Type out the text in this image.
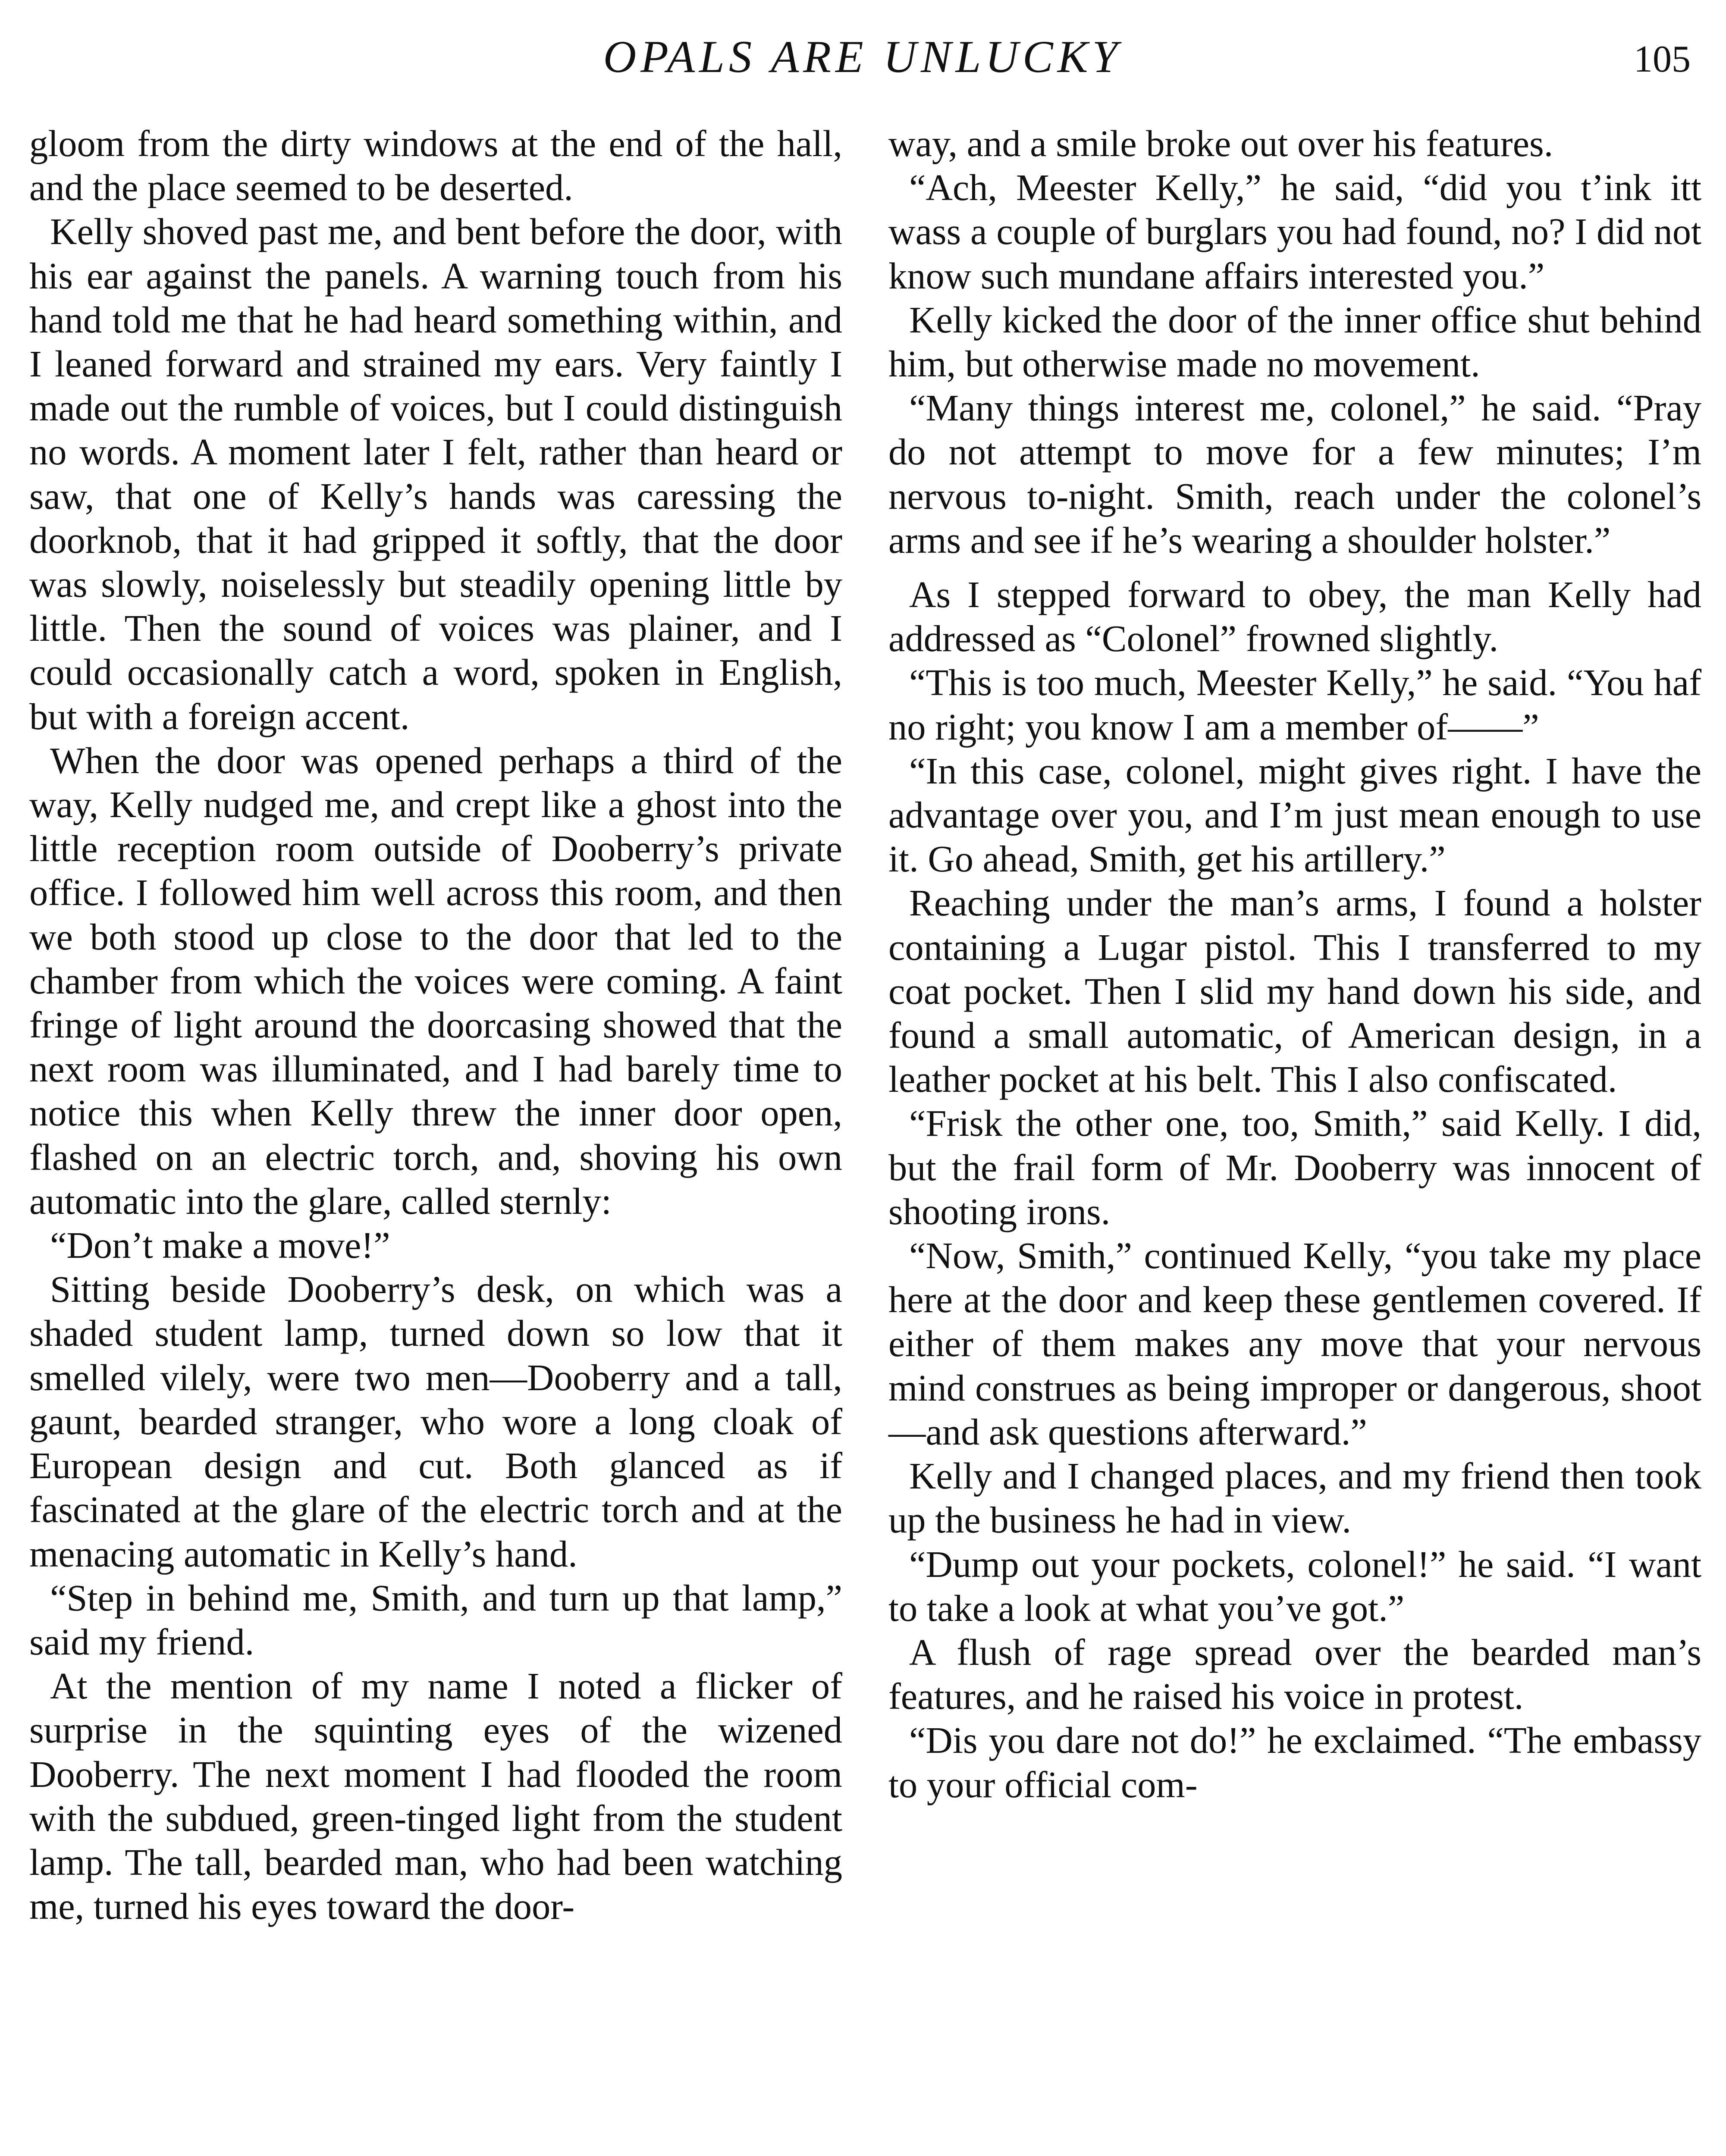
OPALS ARE UNLUCKY	105

gloom from the dirty windows at the end of the hall, and the place seemed to be deserted.

Kelly shoved past me, and bent before the door, with his ear against the panels. A warning touch from his hand told me that he had heard something within, and I leaned forward and strained my ears. Very faintly I made out the rumble of voices, but I could distinguish no words. A moment later I felt, rather than heard or saw, that one of Kelly’s hands was caressing the doorknob, that it had gripped it softly, that the door was slowly, noiselessly but steadily opening little by little. Then the sound of voices was plainer, and I could occasionally catch a word, spoken in English, but with a foreign accent.

When the door was opened perhaps a third of the way, Kelly nudged me, and crept like a ghost into the little reception room outside of Dooberry’s private office. I followed him well across this room, and then we both stood up close to the door that led to the chamber from which the voices were coming. A faint fringe of light around the doorcasing showed that the next room was illuminated, and I had barely time to notice this when Kelly threw the inner door open, flashed on an electric torch, and, shoving his own automatic into the glare, called sternly:

“Don’t make a move!”

Sitting beside Dooberry’s desk, on which was a shaded student lamp, turned down so low that it smelled vilely, were two men—Dooberry and a tall, gaunt, bearded stranger, who wore a long cloak of European design and cut. Both glanced as if fascinated at the glare of the electric torch and at the menacing automatic in Kelly’s hand.

“Step in behind me, Smith, and turn up that lamp,” said my friend.

At the mention of my name I noted a flicker of surprise in the squinting eyes of the wizened Dooberry. The next moment I had flooded the room with the subdued, green-tinged light from the student lamp. The tall, bearded man, who had been watching me, turned his eyes toward the door-

way, and a smile broke out over his features.

“Ach, Meester Kelly,” he said, “did you t’ink itt wass a couple of burglars you had found, no? I did not know such mundane affairs interested you.”

Kelly kicked the door of the inner office shut behind him, but otherwise made no movement.

“Many things interest me, colonel,” he said. “Pray do not attempt to move for a few minutes; I’m nervous to-night. Smith, reach under the colonel’s arms and see if he’s wearing a shoulder holster.”

As I stepped forward to obey, the man Kelly had addressed as “Colonel” frowned slightly.

“This is too much, Meester Kelly,” he said. “You haf no right; you know I am a member of——”

“In this case, colonel, might gives right. I have the advantage over you, and I’m just mean enough to use it. Go ahead, Smith, get his artillery.”

Reaching under the man’s arms, I found a holster containing a Lugar pistol. This I transferred to my coat pocket. Then I slid my hand down his side, and found a small automatic, of American design, in a leather pocket at his belt. This I also confiscated.

“Frisk the other one, too, Smith,” said Kelly. I did, but the frail form of Mr. Dooberry was innocent of shooting irons.

“Now, Smith,” continued Kelly, “you take my place here at the door and keep these gentlemen covered. If either of them makes any move that your nervous mind construes as being improper or dangerous, shoot—and ask questions afterward.”

Kelly and I changed places, and my friend then took up the business he had in view.

“Dump out your pockets, colonel!” he said. “I want to take a look at what you’ve got.”

A flush of rage spread over the bearded man’s features, and he raised his voice in protest.

“Dis you dare not do!” he exclaimed. “The embassy to your official com-
